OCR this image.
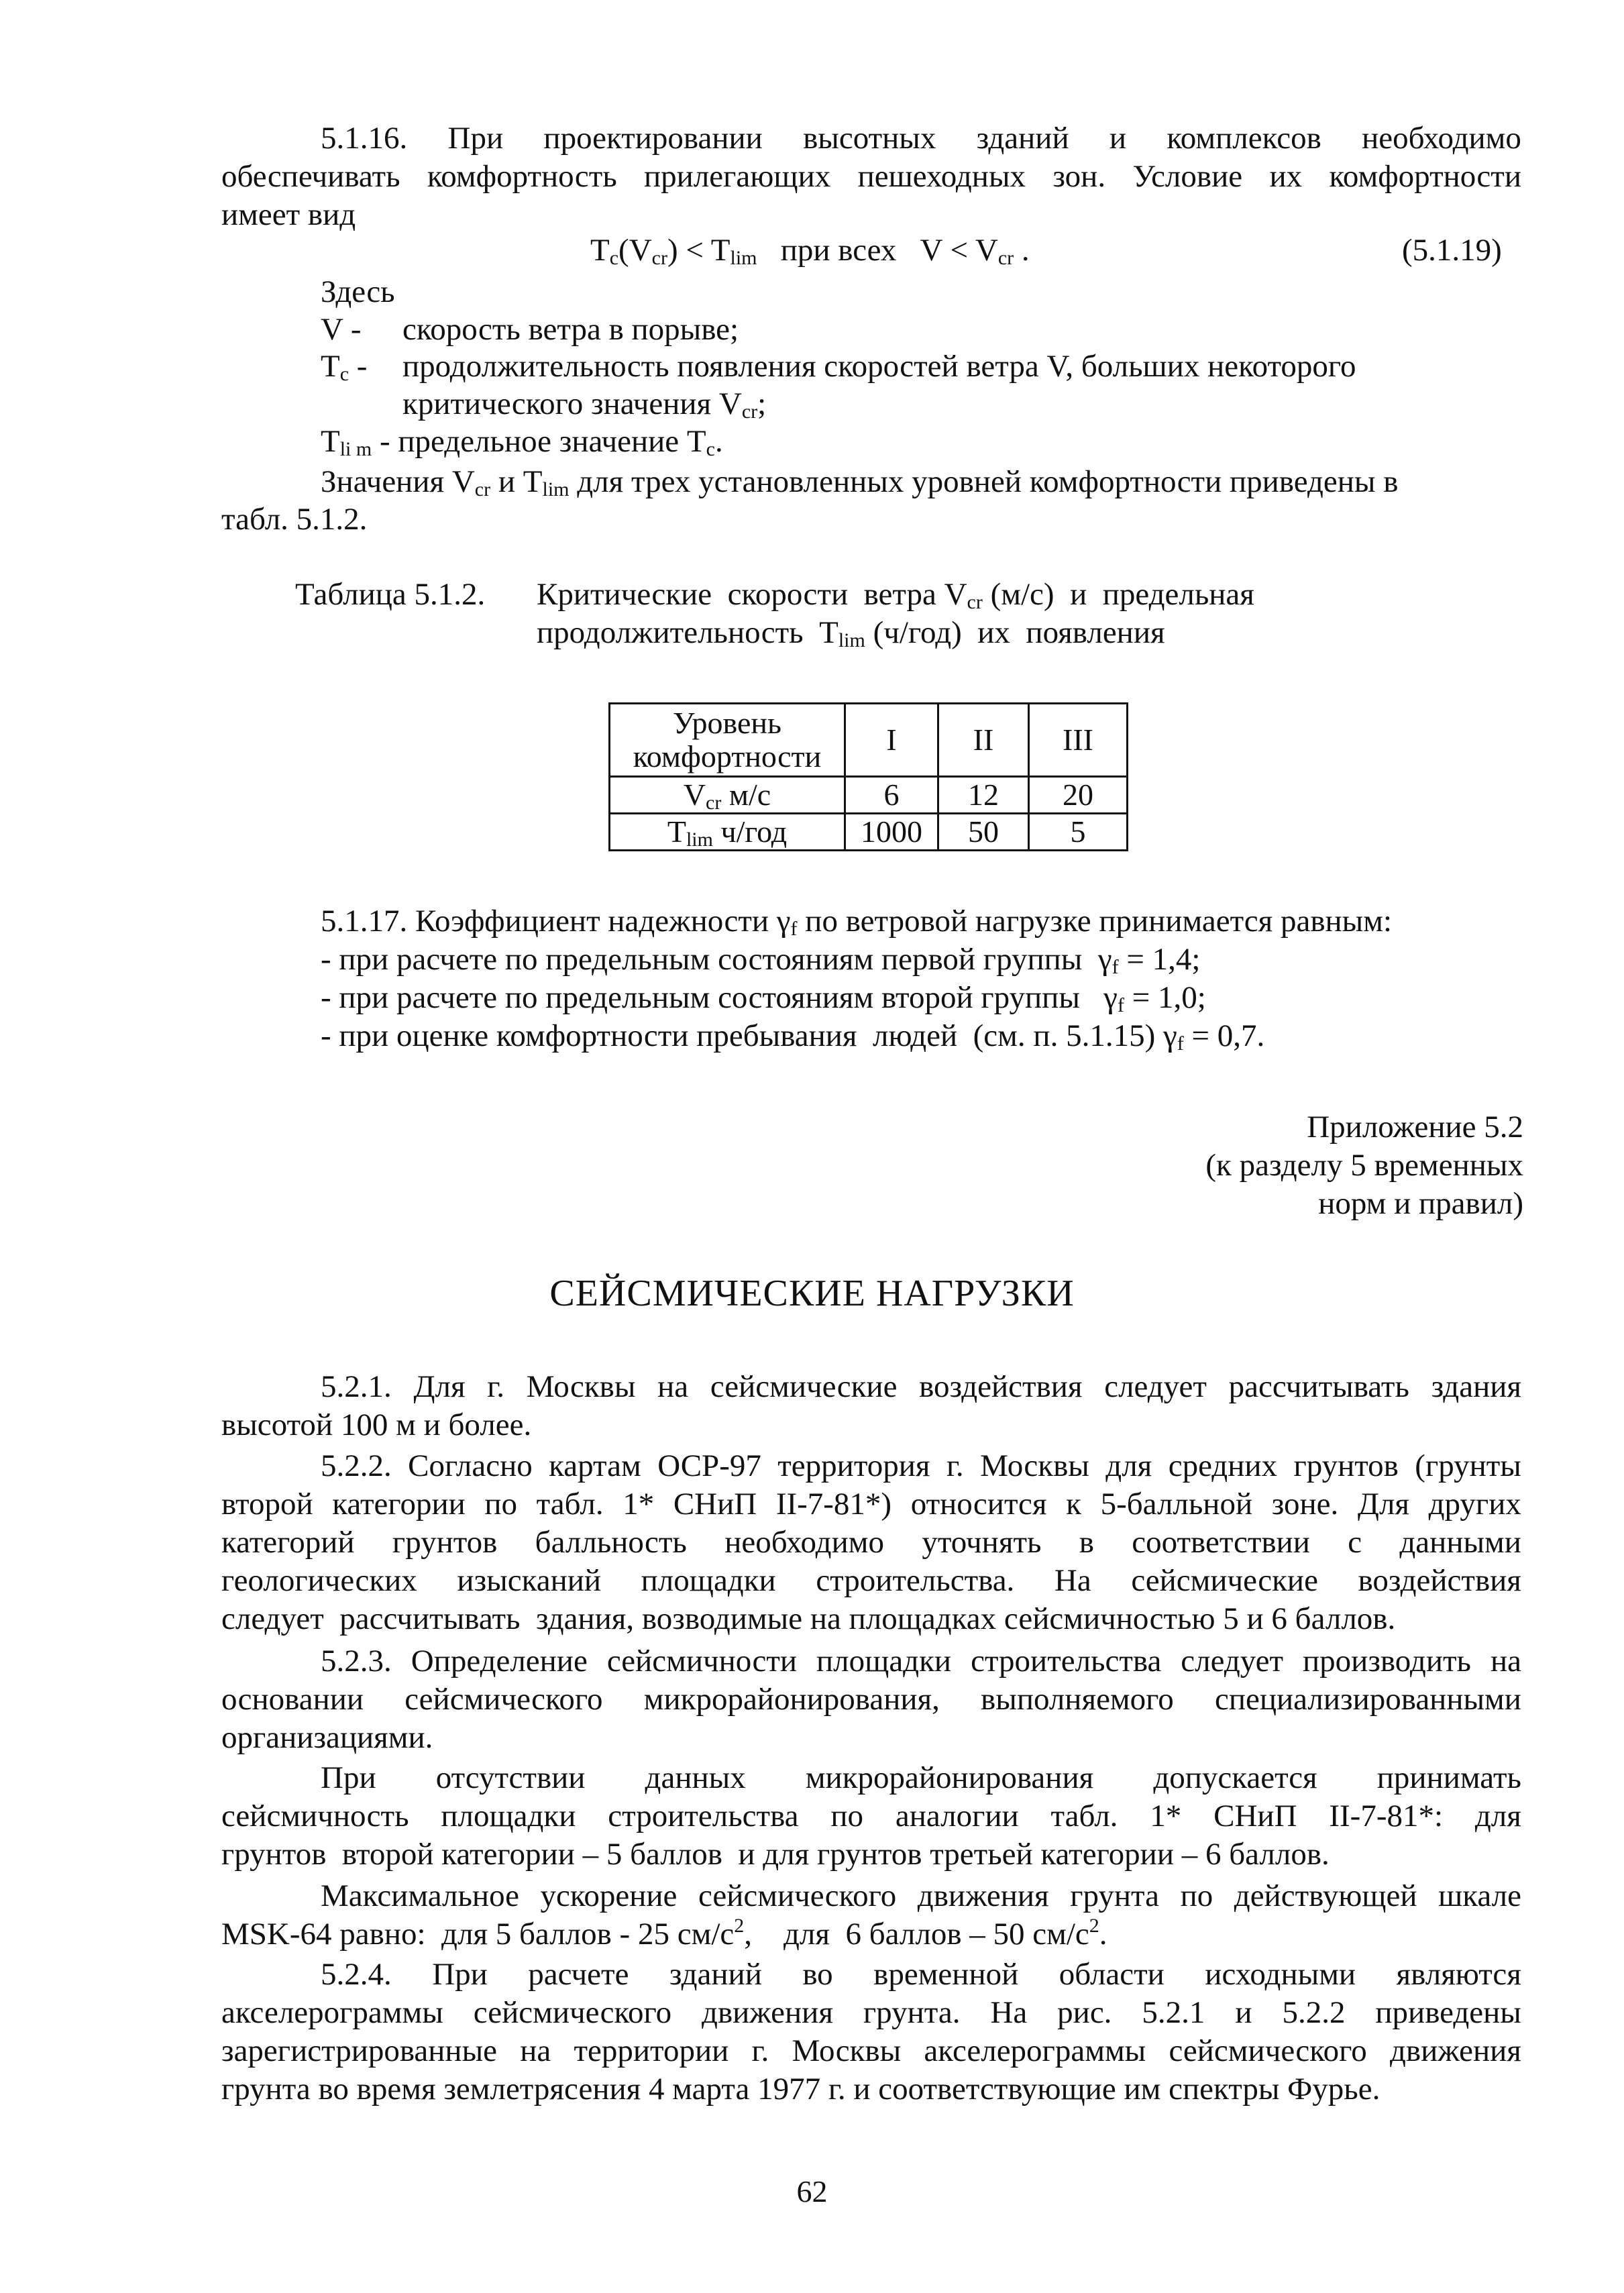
5.1.16. При проектировании высотных зданий и комплексов необходимо
обеспечивать комфортность прилегающих пешеходных зон. Условие их комфортности
имеет вид
$T_c(V_{cr}) < T_{lim}$ при всех   $V < V_{cr}$ .	(5.1.19)
Здесь
V - скорость ветра в порыве;
$T_c$ - продолжительность появления скоростей ветра V, больших некоторого
критического значения $V_{cr}$;
$T_{li m}$ - предельное значение $T_c$.
Значения $V_{cr}$ и $T_{lim}$ для трех установленных уровней комфортности приведены в
табл. 5.1.2.
Таблица 5.1.2. Критические  скорости  ветра $V_{cr}$ (м/с)  и  предельная
продолжительность  $T_{lim}$ (ч/год)  их  появления
Уровень
комфортности	I	II	III
$V_{cr}$ м/с	6	12	20
$T_{lim}$ ч/год	1000	50	5
5.1.17. Коэффициент надежности $\gamma_f$ по ветровой нагрузке принимается равным:
- при расчете по предельным состояниям первой группы  $\gamma_f = 1,4$;
- при расчете по предельным состояниям второй группы   $\gamma_f = 1,0$;
- при оценке комфортности пребывания  людей  (см. п. 5.1.15) $\gamma_f = 0,7$.
Приложение 5.2
(к разделу 5 временных
норм и правил)
СЕЙСМИЧЕСКИЕ НАГРУЗКИ
5.2.1. Для г. Москвы на сейсмические воздействия следует рассчитывать здания
высотой 100 м и более.
5.2.2. Согласно картам ОСР-97 территория г. Москвы для средних грунтов (грунты
второй категории по табл. 1* СНиП II-7-81*) относится к 5-балльной зоне. Для других
категорий грунтов балльность необходимо уточнять в соответствии с данными
геологических изысканий площадки строительства. На сейсмические воздействия
следует  рассчитывать  здания, возводимые на площадках сейсмичностью 5 и 6 баллов.
5.2.3. Определение сейсмичности площадки строительства следует производить на
основании сейсмического микрорайонирования, выполняемого специализированными
организациями.
При отсутствии данных микрорайонирования допускается принимать
сейсмичность площадки строительства по аналогии табл. 1* СНиП II-7-81*: для
грунтов  второй категории – 5 баллов  и для грунтов третьей категории – 6 баллов.
Максимальное ускорение сейсмического движения грунта по действующей шкале
MSK-64 равно:  для 5 баллов - 25 $см/с^2$,    для  6 баллов – 50 $см/с^2$.
5.2.4. При расчете зданий во временной области исходными являются
акселерограммы сейсмического движения грунта. На рис. 5.2.1 и 5.2.2 приведены
зарегистрированные на территории г. Москвы акселерограммы сейсмического движения
грунта во время землетрясения 4 марта 1977 г. и соответствующие им спектры Фурье.
62
